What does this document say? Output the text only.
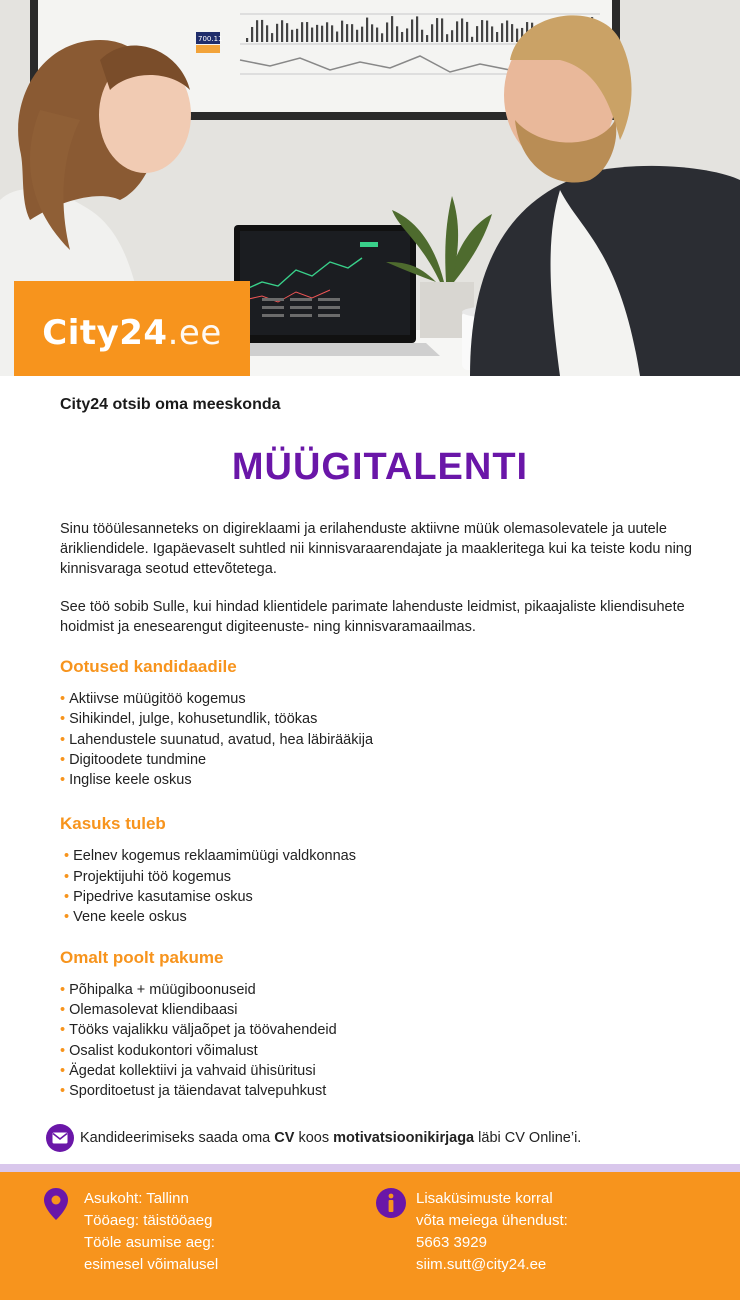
700.11
City24.ee
City24 otsib oma meeskonda
MÜÜGITALENTI

Sinu tööülesanneteks on digireklaami ja erilahenduste aktiivne müük olemasolevatele ja uutele ärikliendidele. Igapäevaselt suhtled nii kinnisvaraarendajate ja maakleritega kui ka teiste kodu ning kinnisvaraga seotud ettevõtetega.

See töö sobib Sulle, kui hindad klientidele parimate lahenduste leidmist, pikaajaliste kliendisuhete hoidmist ja enesearengut digiteenuste- ning kinnisvaramaailmas.

Ootused kandidaadile
• Aktiivse müügitöö kogemus
• Sihikindel, julge, kohusetundlik, töökas
• Lahendustele suunatud, avatud, hea läbirääkija
• Digitoodete tundmine
• Inglise keele oskus
Kasuks tuleb
• Eelnev kogemus reklaamimüügi valdkonnas
• Projektijuhi töö kogemus
• Pipedrive kasutamise oskus
• Vene keele oskus
Omalt poolt pakume
• Põhipalka + müügiboonuseid
• Olemasolevat kliendibaasi
• Tööks vajalikku väljaõpet ja töövahendeid
• Osalist kodukontori võimalust
• Ägedat kollektiivi ja vahvaid ühisüritusi
• Sporditoetust ja täiendavat talvepuhkust
Kandideerimiseks saada oma CV koos motivatsioonikirjaga läbi CV Online’i.
Asukoht: Tallinn
Tööaeg: täistööaeg
Tööle asumise aeg:
esimesel võimalusel
Lisaküsimuste korral
võta meiega ühendust:
5663 3929
siim.sutt@city24.ee
